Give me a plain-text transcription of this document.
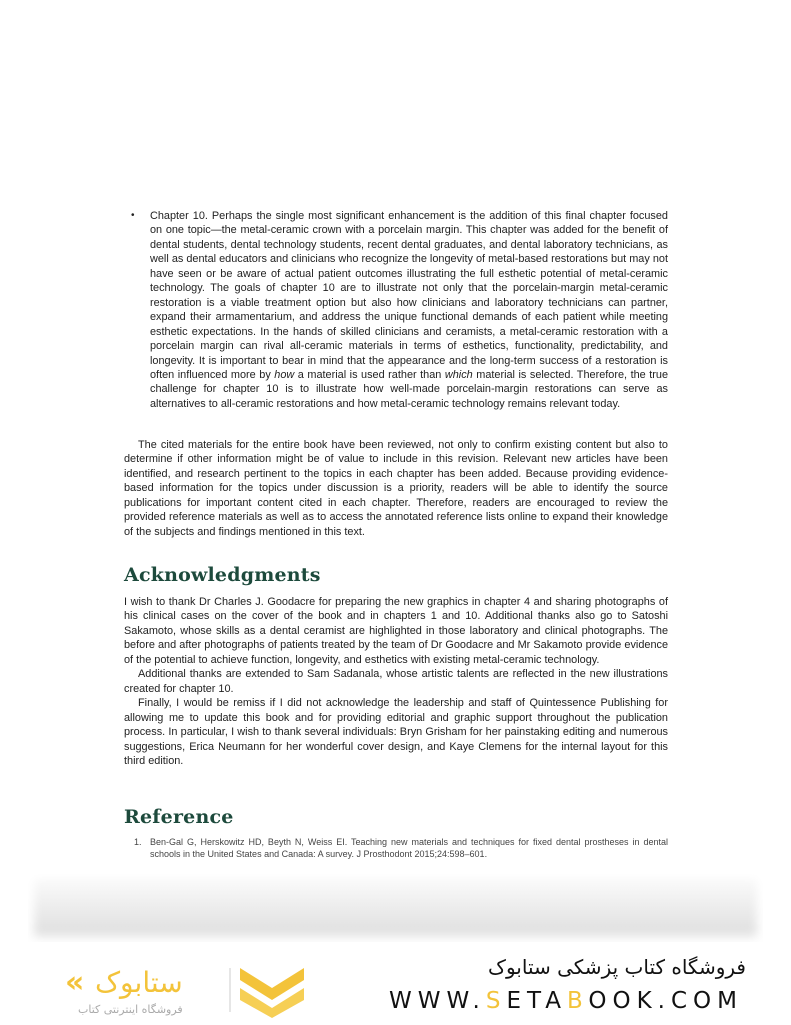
• Chapter 10. Perhaps the single most significant enhancement is the addition of this final chapter focused on one topic—the metal-ceramic crown with a porcelain margin. This chapter was added for the benefit of dental students, dental technology students, recent dental graduates, and dental laboratory technicians, as well as dental educators and clinicians who recognize the longevity of metal-based restorations but may not have seen or be aware of actual patient outcomes illustrating the full esthetic potential of metal-ceramic technology. The goals of chapter 10 are to illustrate not only that the porcelain-margin metal-ceramic restoration is a viable treatment option but also how clinicians and laboratory technicians can partner, expand their armamentarium, and address the unique functional demands of each patient while meeting esthetic expectations. In the hands of skilled clinicians and ceramists, a metal-ceramic restoration with a porcelain margin can rival all-ceramic materials in terms of esthetics, functionality, predictability, and longevity. It is important to bear in mind that the appearance and the long-term success of a restoration is often influenced more by how a material is used rather than which material is selected. Therefore, the true challenge for chapter 10 is to illustrate how well-made porcelain-margin restorations can serve as alternatives to all-ceramic restorations and how metal-ceramic technology remains relevant today.
The cited materials for the entire book have been reviewed, not only to confirm existing content but also to determine if other information might be of value to include in this revision. Relevant new articles have been identified, and research pertinent to the topics in each chapter has been added. Because providing evidence-based information for the topics under discussion is a priority, readers will be able to identify the source publications for important content cited in each chapter. Therefore, readers are encouraged to review the provided reference materials as well as to access the annotated reference lists online to expand their knowledge of the subjects and findings mentioned in this text.
Acknowledgments

I wish to thank Dr Charles J. Goodacre for preparing the new graphics in chapter 4 and sharing photographs of his clinical cases on the cover of the book and in chapters 1 and 10. Additional thanks also go to Satoshi Sakamoto, whose skills as a dental ceramist are highlighted in those laboratory and clinical photographs. The before and after photographs of patients treated by the team of Dr Goodacre and Mr Sakamoto provide evidence of the potential to achieve function, longevity, and esthetics with existing metal-ceramic technology.

Additional thanks are extended to Sam Sadanala, whose artistic talents are reflected in the new illustrations created for chapter 10.

Finally, I would be remiss if I did not acknowledge the leadership and staff of Quintessence Publishing for allowing me to update this book and for providing editorial and graphic support throughout the publication process. In particular, I wish to thank several individuals: Bryn Grisham for her painstaking editing and numerous suggestions, Erica Neumann for her wonderful cover design, and Kaye Clemens for the internal layout for this third edition.

Reference
1. Ben-Gal G, Herskowitz HD, Beyth N, Weiss EI. Teaching new materials and techniques for fixed dental prostheses in dental schools in the United States and Canada: A survey. J Prosthodont 2015;24:598–601.
« ستابوک
فروشگاه اینترنتی کتاب
فروشگاه کتاب پزشکی ستابوک
WWW.SETABOOK.COM
